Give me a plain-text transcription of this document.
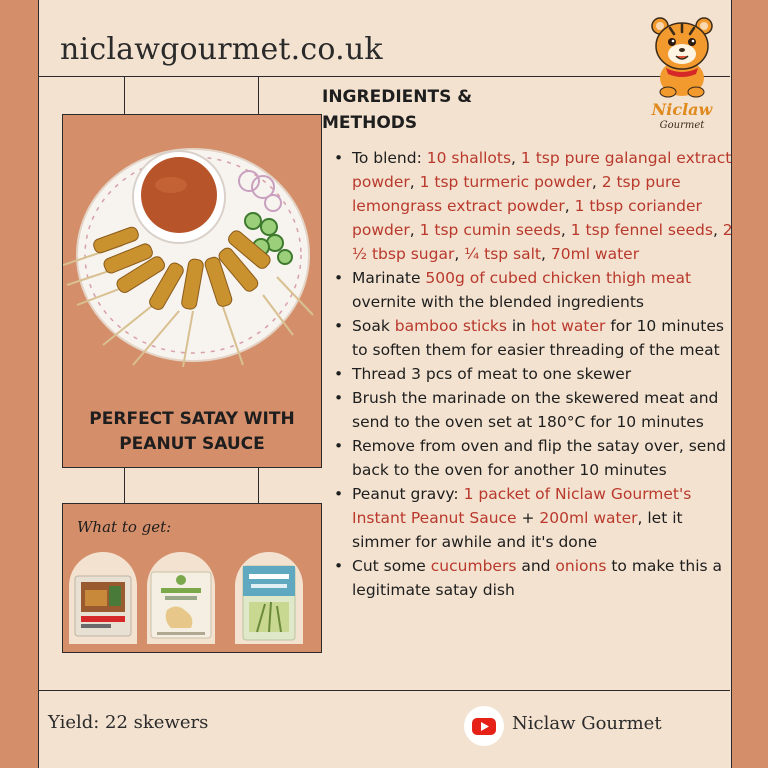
niclawgourmet.co.uk
Niclaw
Gourmet
PERFECT SATAY WITH
PEANUT SAUCE
What to get:
INGREDIENTS &
METHODS
• To blend: 10 shallots, 1 tsp pure galangal extract powder, 1 tsp turmeric powder, 2 tsp pure lemongrass extract powder, 1 tbsp coriander powder, 1 tsp cumin seeds, 1 tsp fennel seeds, 2 ½ tbsp sugar, ¼ tsp salt, 70ml water
• Marinate 500g of cubed chicken thigh meat overnite with the blended ingredients
• Soak bamboo sticks in hot water for 10 minutes to soften them for easier threading of the meat
• Thread 3 pcs of meat to one skewer
• Brush the marinade on the skewered meat and send to the oven set at 180°C for 10 minutes
• Remove from oven and flip the satay over, send back to the oven for another 10 minutes
• Peanut gravy: 1 packet of Niclaw Gourmet's Instant Peanut Sauce + 200ml water, let it simmer for awhile and it's done
• Cut some cucumbers and onions to make this a legitimate satay dish
Yield: 22 skewers	Niclaw Gourmet
